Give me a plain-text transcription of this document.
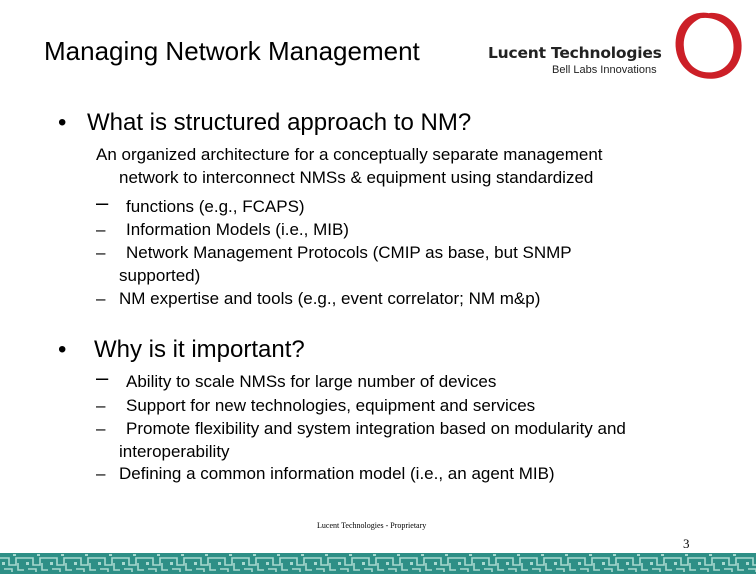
Managing Network Management	Lucent Technologies
Bell Labs Innovations
• What is structured approach to NM?
An organized architecture for a conceptually separate management
network to interconnect NMSs & equipment using standardized
– functions (e.g., FCAPS)
– Information Models (i.e., MIB)
– Network Management Protocols (CMIP as base, but SNMP
supported)
– NM expertise and tools (e.g., event correlator; NM m&p)
• Why is it important?
– Ability to scale NMSs for large number of devices
– Support for new technologies, equipment and services
– Promote flexibility and system integration based on modularity and
interoperability
– Defining a common information model (i.e., an agent MIB)
Lucent Technologies - Proprietary
3
